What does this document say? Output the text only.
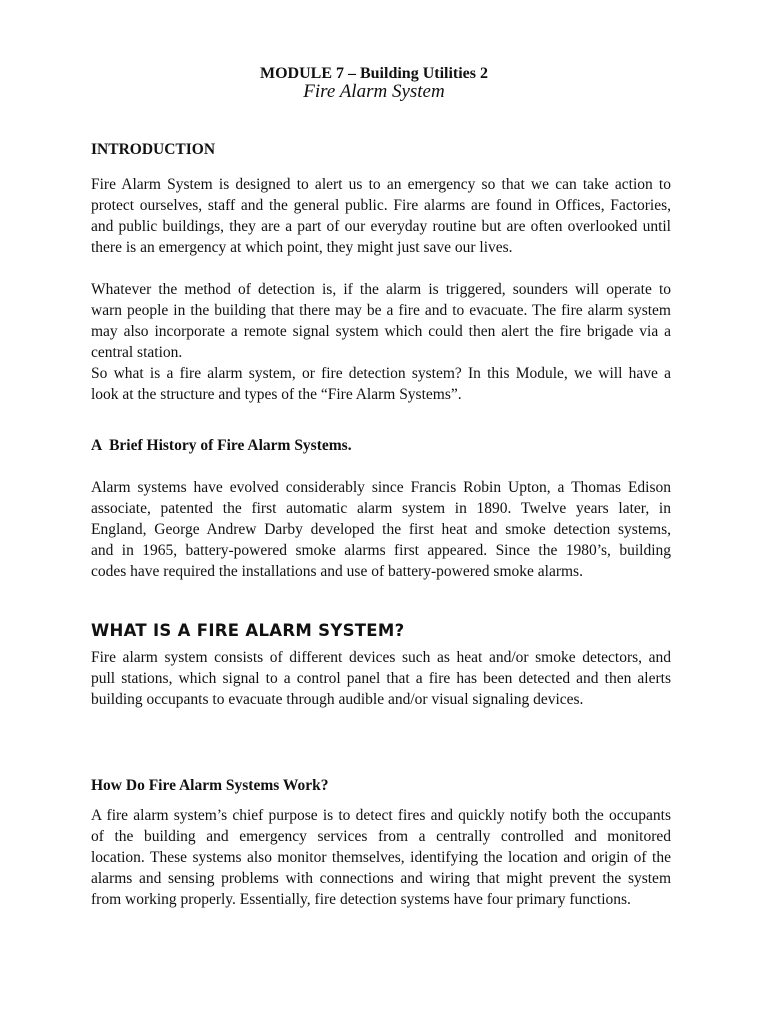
MODULE 7 – Building Utilities 2
Fire Alarm System
INTRODUCTION
Fire Alarm System is designed to alert us to an emergency so that we can take action to
protect ourselves, staff and the general public. Fire alarms are found in Offices, Factories,
and public buildings, they are a part of our everyday routine but are often overlooked until
there is an emergency at which point, they might just save our lives.
Whatever the method of detection is, if the alarm is triggered, sounders will operate to
warn people in the building that there may be a fire and to evacuate. The fire alarm system
may also incorporate a remote signal system which could then alert the fire brigade via a
central station.
So what is a fire alarm system, or fire detection system? In this Module, we will have a
look at the structure and types of the “Fire Alarm Systems”.
A  Brief History of Fire Alarm Systems.
Alarm systems have evolved considerably since Francis Robin Upton, a Thomas Edison
associate, patented the first automatic alarm system in 1890. Twelve years later, in
England, George Andrew Darby developed the first heat and smoke detection systems,
and in 1965, battery-powered smoke alarms first appeared. Since the 1980’s, building
codes have required the installations and use of battery-powered smoke alarms.
WHAT IS A FIRE ALARM SYSTEM?
Fire alarm system consists of different devices such as heat and/or smoke detectors, and
pull stations, which signal to a control panel that a fire has been detected and then alerts
building occupants to evacuate through audible and/or visual signaling devices.
How Do Fire Alarm Systems Work?
A fire alarm system’s chief purpose is to detect fires and quickly notify both the occupants
of the building and emergency services from a centrally controlled and monitored
location. These systems also monitor themselves, identifying the location and origin of the
alarms and sensing problems with connections and wiring that might prevent the system
from working properly. Essentially, fire detection systems have four primary functions.
